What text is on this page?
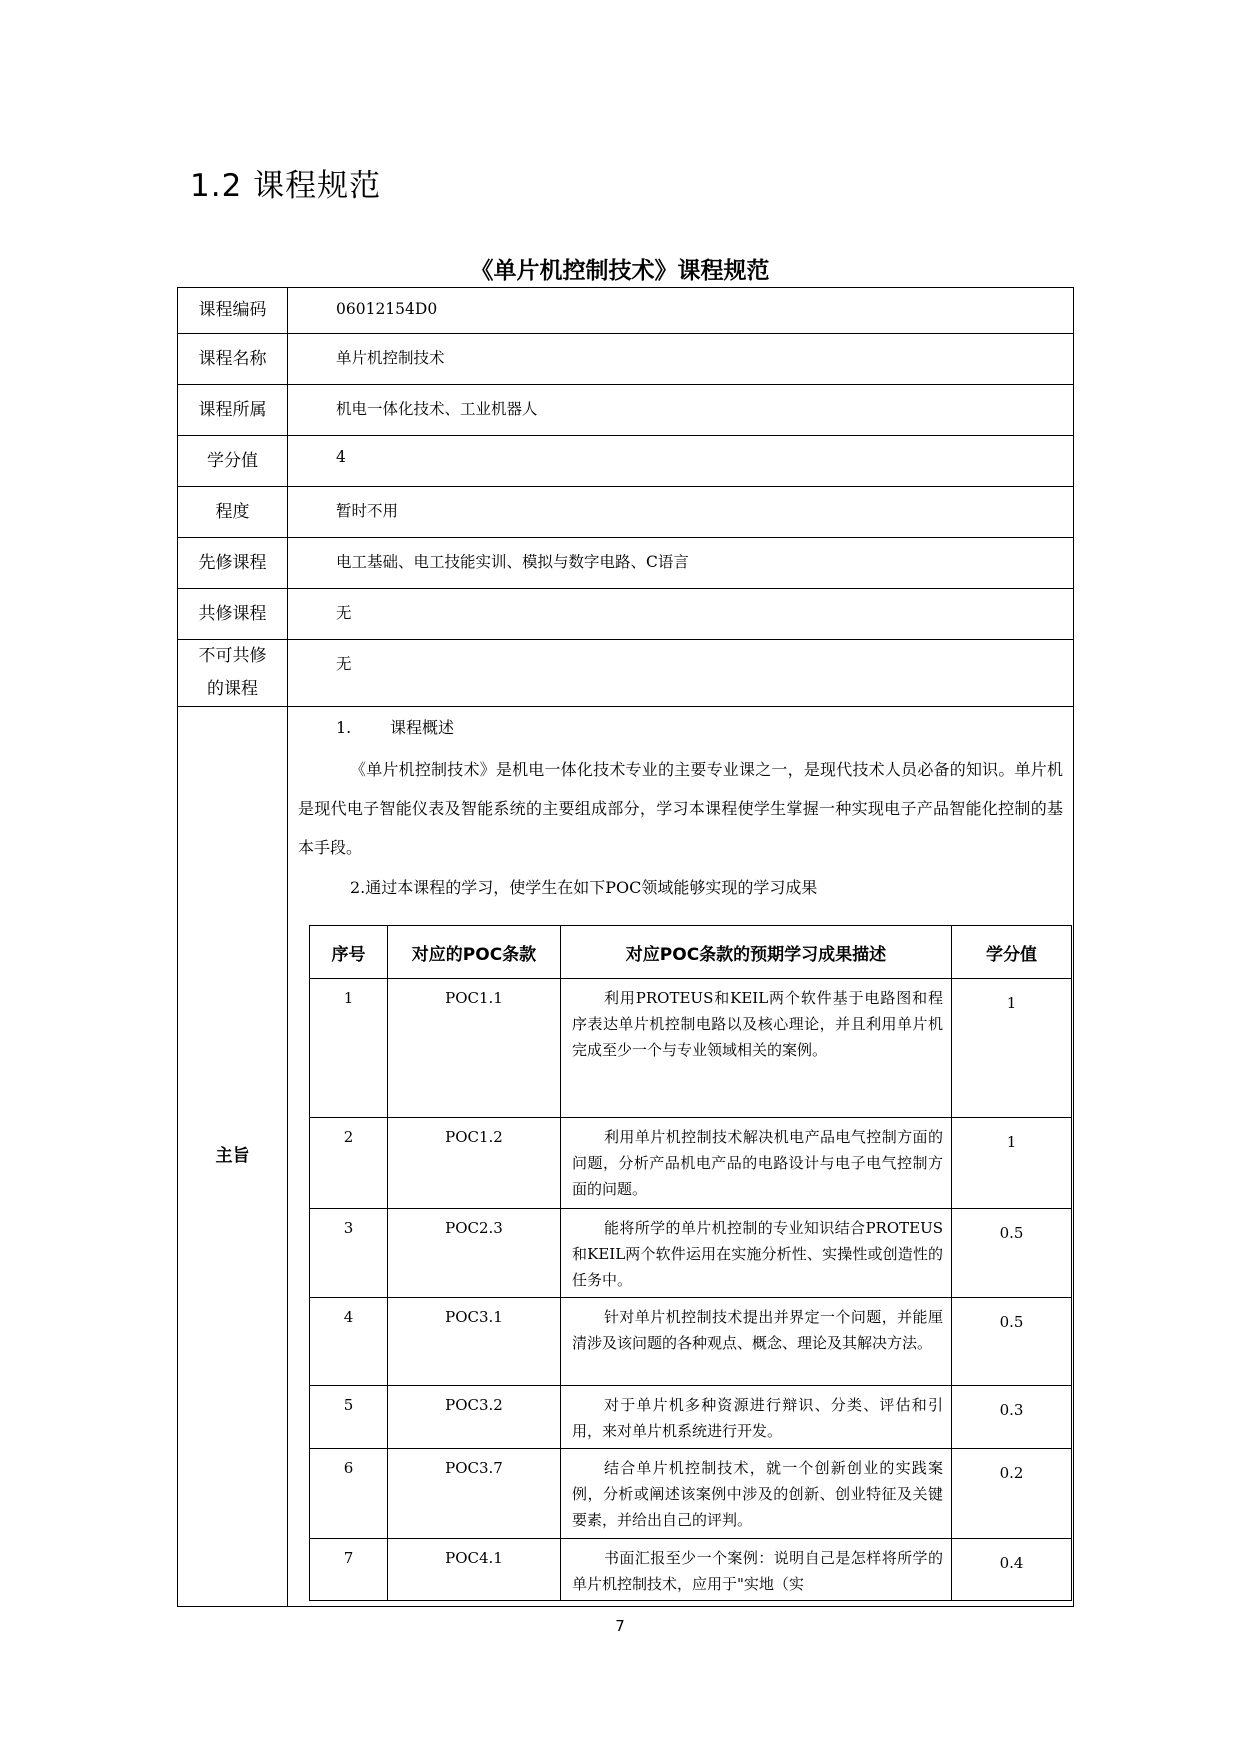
1.2 课程规范
《单片机控制技术》课程规范
课程编码	06012154D0
课程名称	单片机控制技术
课程所属	机电一体化技术、工业机器人
学分值	4
程度	暂时不用
先修课程	电工基础、电工技能实训、模拟与数字电路、C语言
共修课程	无
不可共修的课程	无
主旨	

1. 课程概述

《单片机控制技术》是机电一体化技术专业的主要专业课之一，是现代技术人员必备的知识。单片机是现代电子智能仪表及智能系统的主要组成部分，学习本课程使学生掌握一种实现电子产品智能化控制的基本手段。

2.通过本课程的学习，使学生在如下POC领域能够实现的学习成果

序号	对应的POC条款	对应POC条款的预期学习成果描述	学分值
1	POC1.1	利用PROTEUS和KEIL两个软件基于电路图和程序表达单片机控制电路以及核心理论，并且利用单片机完成至少一个与专业领域相关的案例。	1
2	POC1.2	利用单片机控制技术解决机电产品电气控制方面的问题，分析产品机电产品的电路设计与电子电气控制方面的问题。	1
3	POC2.3	能将所学的单片机控制的专业知识结合PROTEUS和KEIL两个软件运用在实施分析性、实操性或创造性的任务中。	0.5
4	POC3.1	针对单片机控制技术提出并界定一个问题，并能厘清涉及该问题的各种观点、概念、理论及其解决方法。	0.5
5	POC3.2	对于单片机多种资源进行辩识、分类、评估和引用，来对单片机系统进行开发。	0.3
6	POC3.7	结合单片机控制技术，就一个创新创业的实践案例，分析或阐述该案例中涉及的创新、创业特征及关键要素，并给出自己的评判。	0.2
7	POC4.1	书面汇报至少一个案例：说明自己是怎样将所学的单片机控制技术，应用于"实地（实	0.4
7
